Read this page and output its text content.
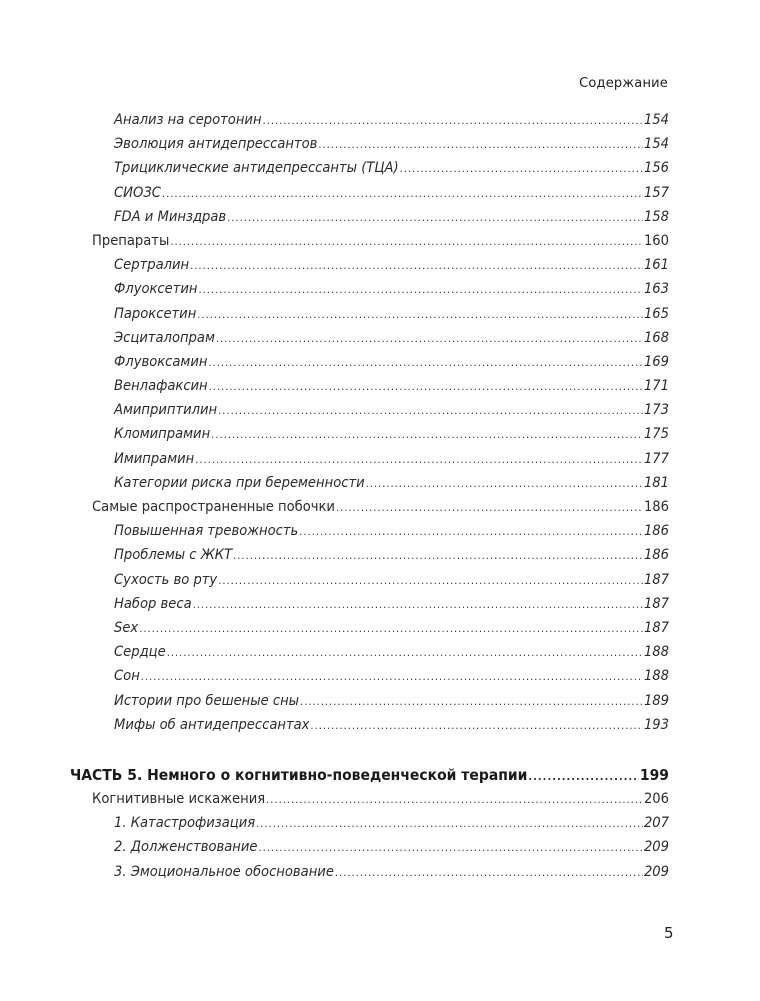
Содержание
Анализ на серотонин .....	154
Эволюция антидепрессантов .....	154
Трициклические антидепрессанты (ТЦА) .....	156
СИОЗС .....	157
FDA и Минздрав .....	158
Препараты .....	160
Сертралин .....	161
Флуоксетин .....	163
Пароксетин .....	165
Эсциталопрам .....	168
Флувоксамин .....	169
Венлафаксин .....	171
Амиприптилин .....	173
Кломипрамин .....	175
Имипрамин .....	177
Категории риска при беременности .....	181
Самые распространенные побочки .....	186
Повышенная тревожность .....	186
Проблемы с ЖКТ .....	186
Сухость во рту .....	187
Набор веса .....	187
Sex .....	187
Сердце .....	188
Сон .....	188
Истории про бешеные сны .....	189
Мифы об антидепрессантах .....	193
ЧАСТЬ 5. Немного о когнитивно-поведенческой терапии .....	199
Когнитивные искажения .....	206
1. Катастрофизация .....	207
2. Долженствование .....	209
3. Эмоциональное обоснование .....	209
5
